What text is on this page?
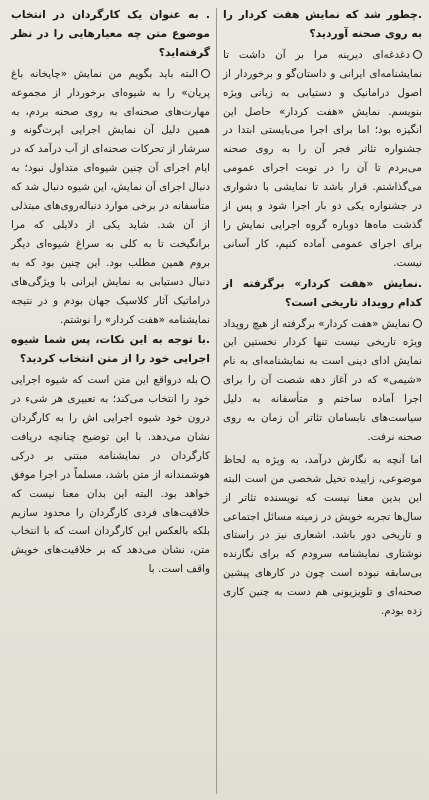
.چطور شد که نمایش هفت کردار را به روی صحنه آوردید؟
دغدغه‌ای دیرینه مرا بر آن داشت تا نمایشنامه‌ای ایرانی و داستان‌گو و برخوردار از اصول درامانیک و دستیابی به زبانی ویژه بنویسم. نمایش «هفت کردار» حاصل این انگیزه بود؛ اما برای اجرا می‌بایستی ابتدا در جشنواره تئاتر فجر آن را به روی صحنه می‌بردم تا آن را در نوبت اجرای عمومی می‌گذاشتم. قرار باشد تا نمایشی با دشواری در جشنواره یکی دو بار اجرا شود و پس از گذشت ماه‌ها دوباره گروه اجرایی نمایش را برای اجرای عمومی آماده کنیم، کار آسانی نیست.
.نمایش «هفت کردار» برگرفته از کدام رویداد تاریخی است؟
نمایش «هفت کردار» برگرفته از هیچ رویداد ویژه تاریخی نیست تنها کردار نخستین این نمایش ادای دینی است به نمایشنامه‌ای به نام «شیمی» که در آغاز دهه شصت آن را برای اجرا آماده ساختم و متأسفانه به دلیل سیاست‌های نابسامان تئاتر آن زمان به روی صحنه نرفت.
اما آنچه به نگارش درآمد، به ویژه به لحاظ موضوعی، زاییده تخیل شخصی من است البته این بدین معنا نیست که نویسنده تئاتر از سال‌ها تجربه خویش در زمینه مسائل اجتماعی و تاریخی دور باشد. اشعاری نیز در راستای نوشتاری نمایشنامه سرودم که برای نگارنده بی‌سابقه نبوده است چون در کارهای پیشین صحنه‌ای و تلویزیونی هم دست به چنین کاری زده بودم.
. به عنوان یک کارگردان در انتخاب موضوع متن چه معیارهایی را در نظر گرفته‌اید؟
البته باید بگویم من نمایش «چایخانه باغ پریان» را به شیوه‌ای برخوردار از مجموعه مهارت‌های صحنه‌ای به روی صحنه بردم، به همین دلیل آن نمایش اجرایی اپرت‌گونه و سرشار از تحرکات صحنه‌ای از آب درآمد که در ایام اجرای آن چنین شیوه‌ای متداول نبود؛ به دنبال اجرای آن نمایش، این شیوه دنبال شد که متأسفانه در برخی موارد دنباله‌روی‌های مبتذلی از آن شد. شاید یکی از دلایلی که مرا برانگیخت تا به کلی به سراغ شیوه‌ای دیگر بروم همین مطلب بود. این چنین بود که به دنبال دستیابی به نمایش ایرانی با ویژگی‌های دراماتیک آثار کلاسیک جهان بودم و در نتیجه نمایشنامه «هفت کردار» را نوشتم.
.با توجه به این نکات، پس شما شیوه اجرایی خود را از متن انتخاب کردید؟
بله درواقع این متن است که شیوه اجرایی خود را انتخاب می‌کند؛ به تعبیری هر شیء در درون خود شیوه اجرایی اش را به کارگردان نشان می‌دهد. با این توضیح چنانچه دریافت کارگردان در نمایشنامه مبتنی بر درکی هوشمندانه از متن باشد، مسلماً در اجرا موفق خواهد بود. البته این بدان معنا نیست که خلاقیت‌های فردی کارگردان را محدود سازیم بلکه بالعکس این کارگردان است که با انتخاب متن، نشان می‌دهد که بر خلاقیت‌های خویش واقف است. با
